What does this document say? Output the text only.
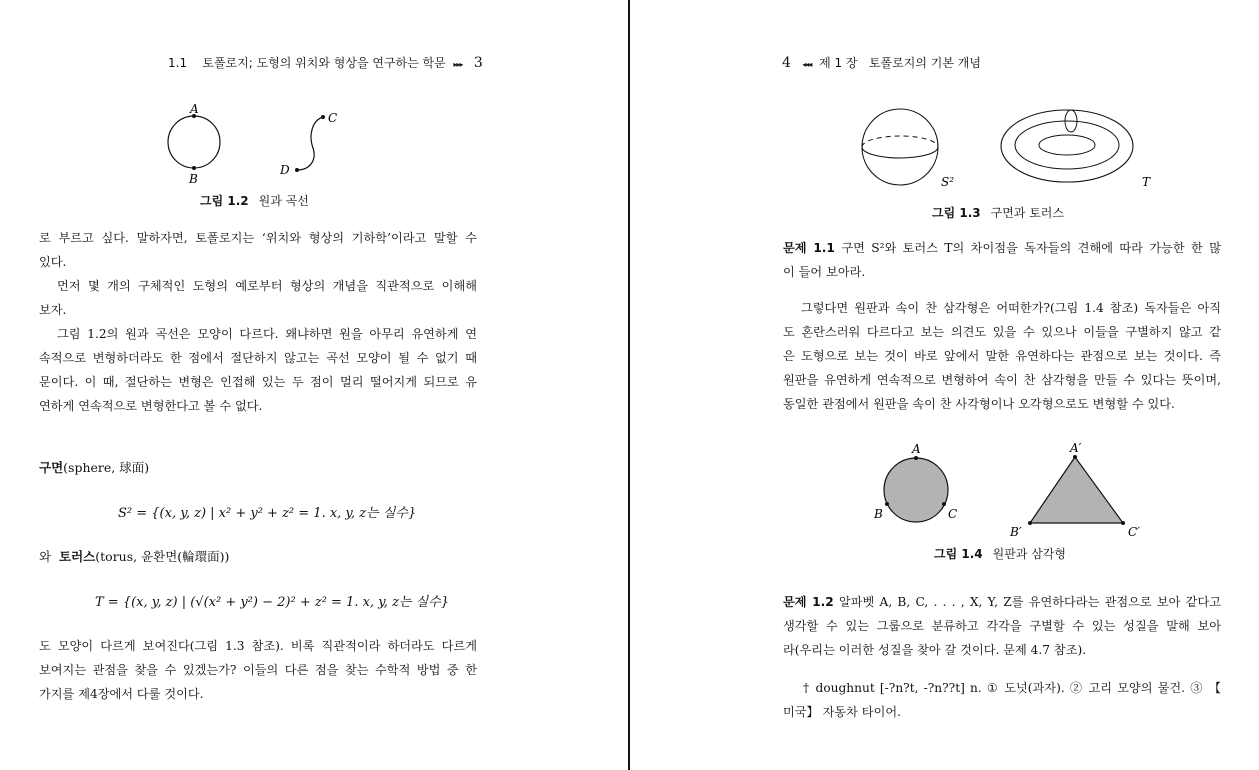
1.1 토폴로지; 도형의 위치와 형상을 연구하는 학문 ▸▸▸ 3
A
B
C
D
그림 1.2 원과 곡선
로 부르고 싶다. 말하자면, 토폴로지는 ‘위치와 형상의 기하학’이라고 말할 수
있다.
먼저 몇 개의 구체적인 도형의 예로부터 형상의 개념을 직관적으로 이해해
보자.
그림 1.2의 원과 곡선은 모양이 다르다. 왜냐하면 원을 아무리 유연하게 연
속적으로 변형하더라도 한 점에서 절단하지 않고는 곡선 모양이 될 수 없기 때
문이다. 이 때, 절단하는 변형은 인접해 있는 두 점이 멀리 떨어지게 되므로 유
연하게 연속적으로 변형한다고 볼 수 없다.
구면(sphere, 球面)
S² = {(x, y, z) | x² + y² + z² = 1. x, y, z는 실수}
와 토러스(torus, 윤환면(輪環面))
T = {(x, y, z) | (√(x² + y²) − 2)² + z² = 1. x, y, z는 실수}
도 모양이 다르게 보여진다(그림 1.3 참조). 비록 직관적이라 하더라도 다르게
보여지는 관점을 찾을 수 있겠는가? 이들의 다른 점을 찾는 수학적 방법 중 한
가지를 제4장에서 다룰 것이다.
4 ◂◂◂ 제 1 장 토폴로지의 기본 개념
S²	T
그림 1.3 구면과 토러스
문제 1.1 구면 S²와 토러스 T의 차이점을 독자들의 견해에 따라 가능한 한 많
이 들어 보아라.
그렇다면 원판과 속이 찬 삼각형은 어떠한가?(그림 1.4 참조) 독자들은 아직
도 혼란스러워 다르다고 보는 의견도 있을 수 있으나 이들을 구별하지 않고 같
은 도형으로 보는 것이 바로 앞에서 말한 유연하다는 관점으로 보는 것이다. 즉
원판을 유연하게 연속적으로 변형하여 속이 찬 삼각형을 만들 수 있다는 뜻이며,
동일한 관점에서 원판을 속이 찬 사각형이나 오각형으로도 변형할 수 있다.
A
B	C
A′
B′	C′
그림 1.4 원판과 삼각형
문제 1.2 알파벳 A, B, C, . . . , X, Y, Z를 유연하다라는 관점으로 보아 같다고
생각할 수 있는 그룹으로 분류하고 각각을 구별할 수 있는 성질을 말해 보아
라(우리는 이러한 성질을 찾아 갈 것이다. 문제 4.7 참조).
† doughnut [-?n?t, -?n??t] n. ① 도넛(과자). ② 고리 모양의 물건. ③ 【
미국】 자동차 타이어.
